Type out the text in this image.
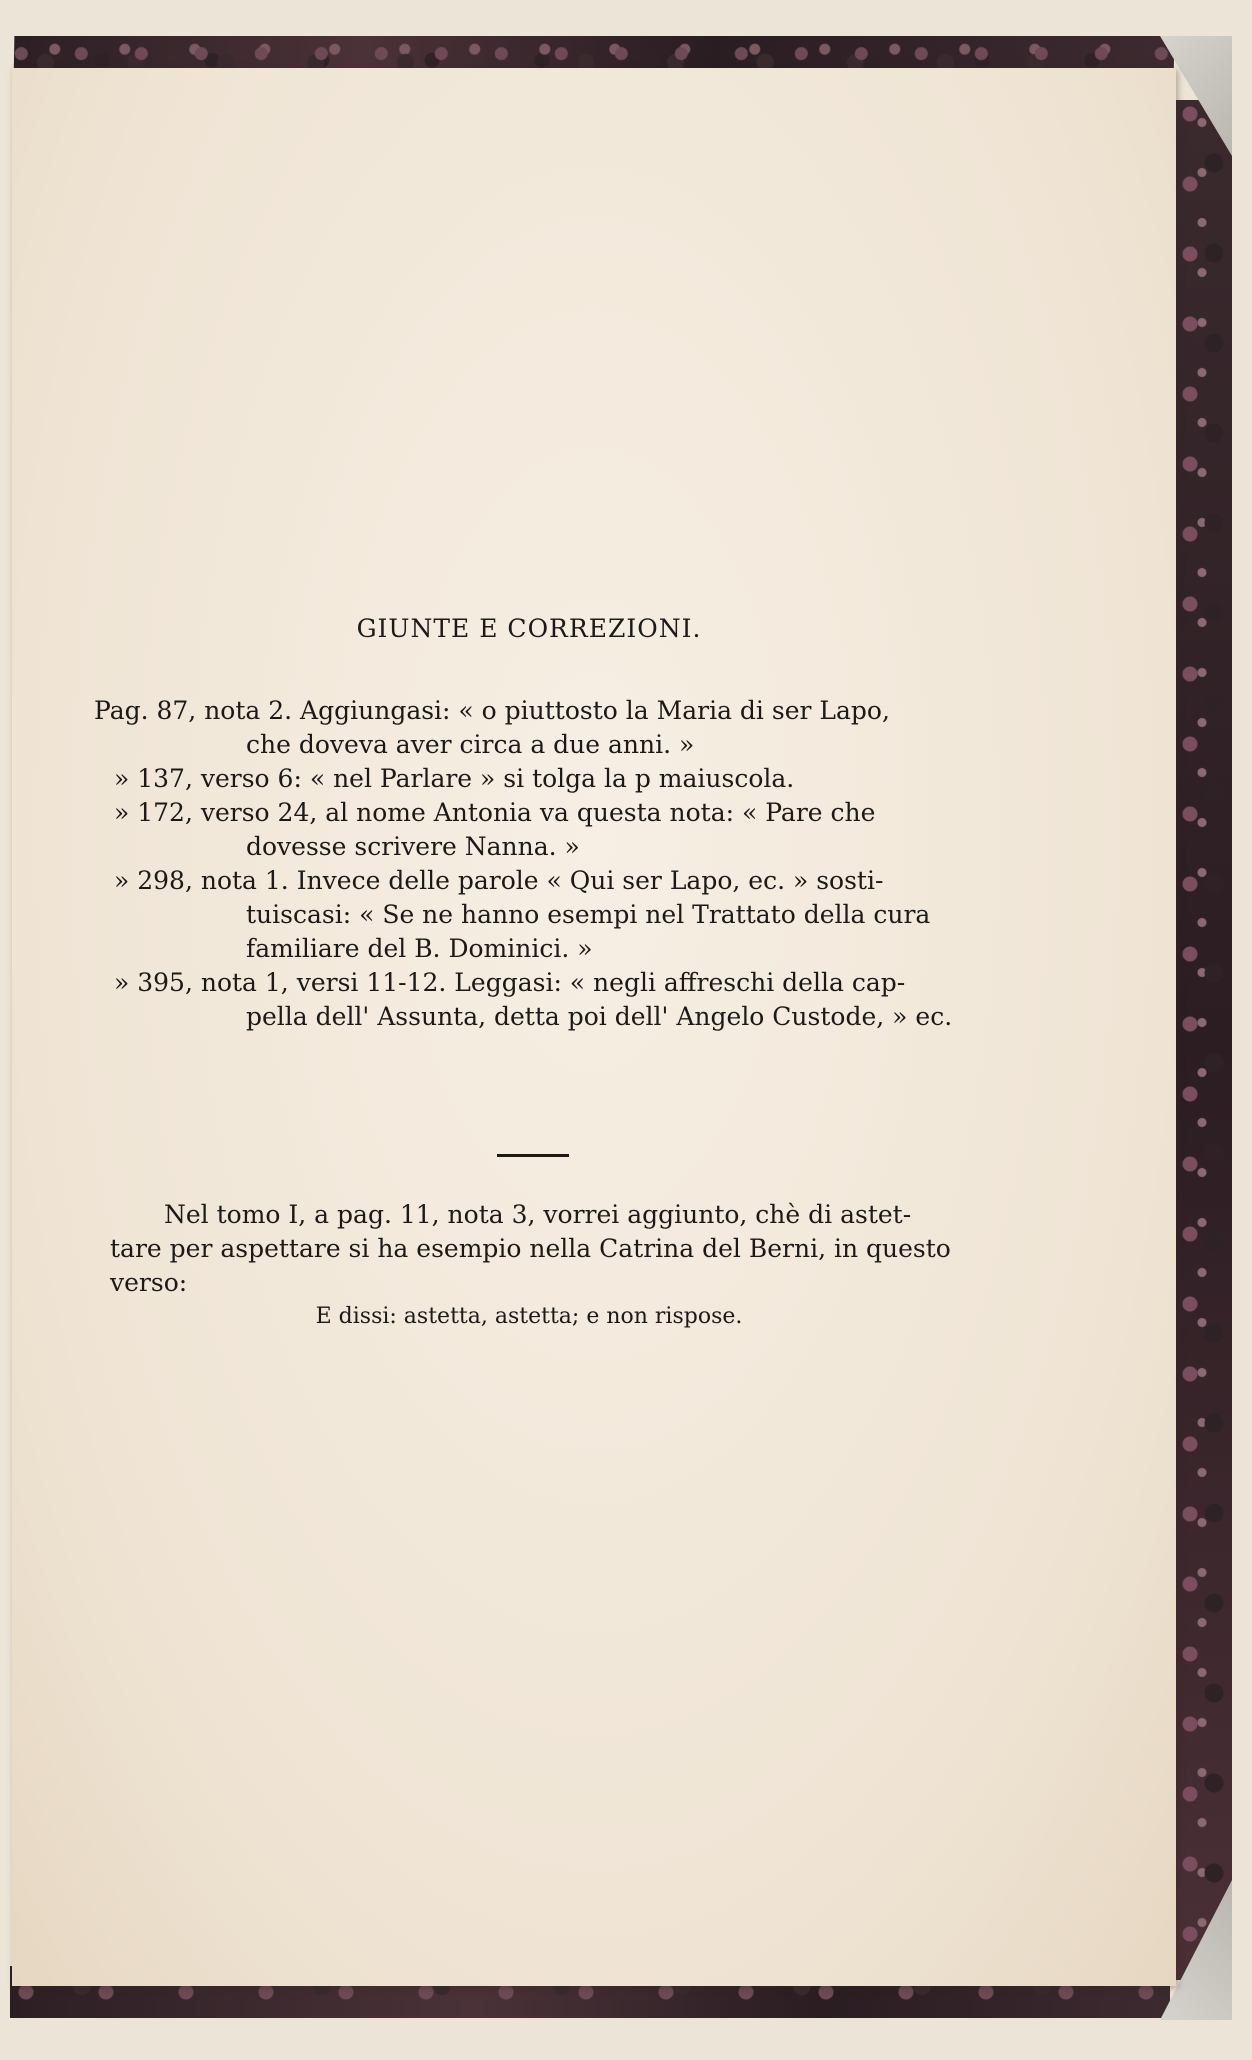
GIUNTE E CORREZIONI.
Pag. 87, nota 2. Aggiungasi: « o piuttosto la Maria di ser Lapo,
che doveva aver circa a due anni. »
» 137, verso 6: « nel Parlare » si tolga la p maiuscola.
» 172, verso 24, al nome Antonia va questa nota: « Pare che
dovesse scrivere Nanna. »
» 298, nota 1. Invece delle parole « Qui ser Lapo, ec. » sosti-
tuiscasi: « Se ne hanno esempi nel Trattato della cura
familiare del B. Dominici. »
» 395, nota 1, versi 11-12. Leggasi: « negli affreschi della cap-
pella dell' Assunta, detta poi dell' Angelo Custode, » ec.
Nel tomo I, a pag. 11, nota 3, vorrei aggiunto, chè di astet-
tare per aspettare si ha esempio nella Catrina del Berni, in questo
verso:
E dissi: astetta, astetta; e non rispose.
